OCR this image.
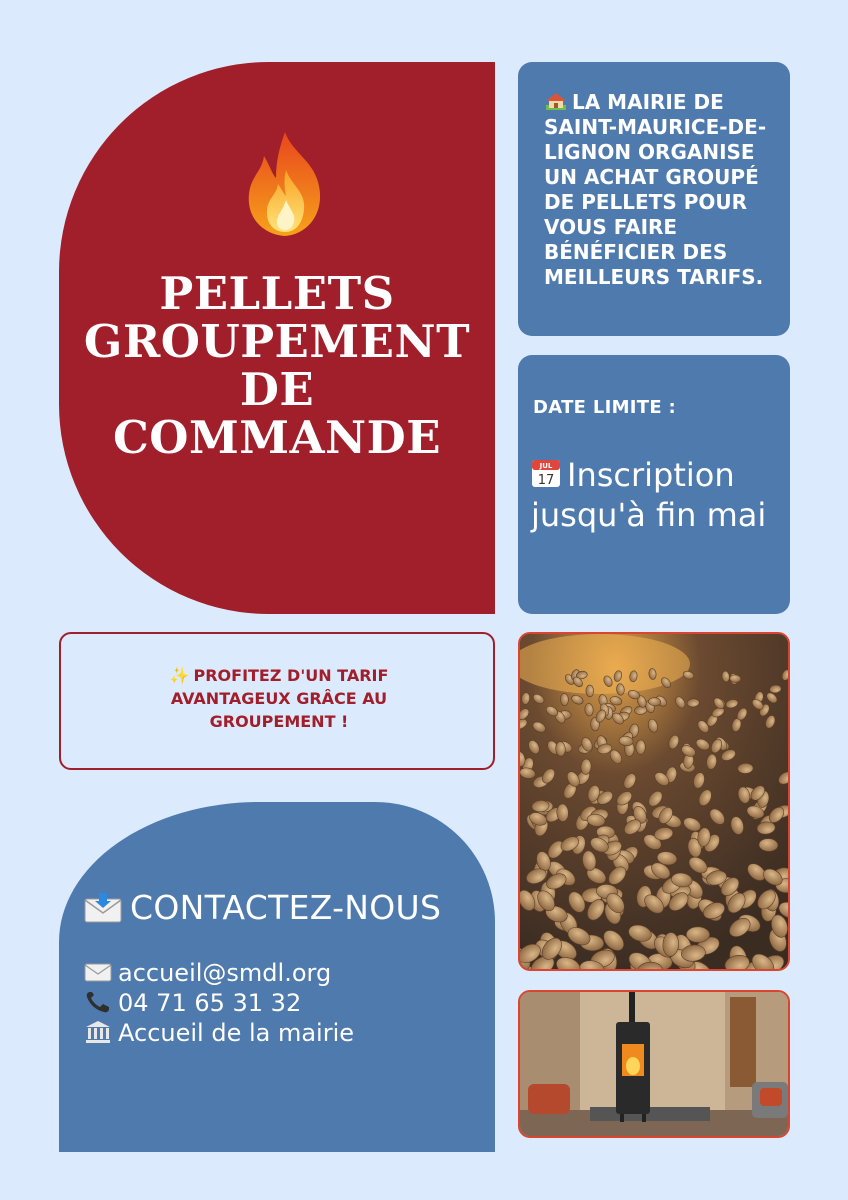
PELLETS
GROUPEMENT
DE
COMMANDE
LA MAIRIE DE SAINT-MAURICE-DE-LIGNON ORGANISE UN ACHAT GROUPÉ DE PELLETS POUR VOUS FAIRE BÉNÉFICIER DES MEILLEURS TARIFS.
DATE LIMITE :
JUL
17 Inscription jusqu'à fin mai
✨ PROFITEZ D'UN TARIF AVANTAGEUX GRÂCE AU GROUPEMENT !
CONTACTEZ-NOUS
accueil@smdl.org
04 71 65 31 32
Accueil de la mairie
